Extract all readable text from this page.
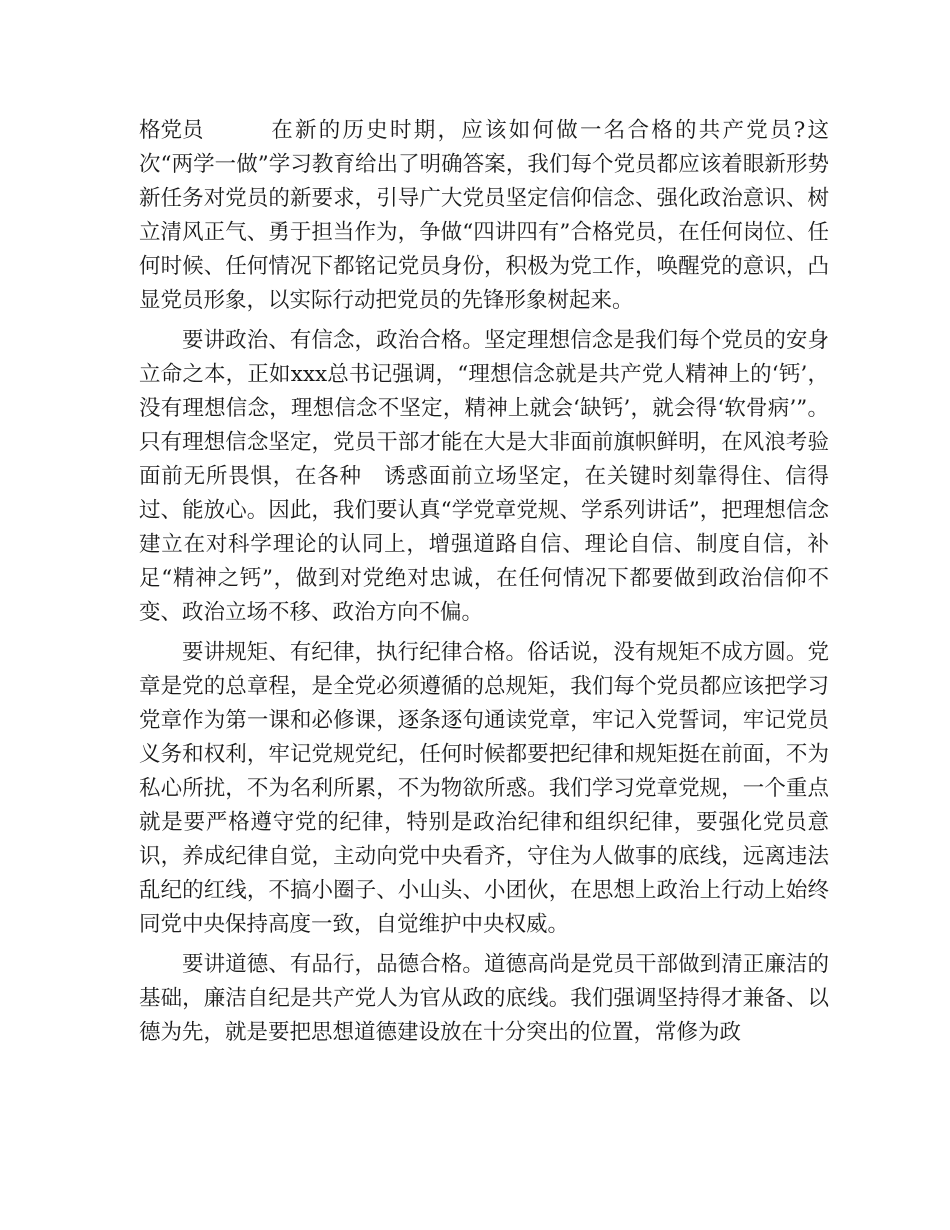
格党员	在新的历史时期，应该如何做一名合格的共产党员?这次“两学一做”学习教育给出了明确答案，我们每个党员都应该着眼新形势新任务对党员的新要求，引导广大党员坚定信仰信念、强化政治意识、树立清风正气、勇于担当作为，争做“四讲四有”合格党员，在任何岗位、任何时候、任何情况下都铭记党员身份，积极为党工作，唤醒党的意识，凸显党员形象，以实际行动把党员的先锋形象树起来。

要讲政治、有信念，政治合格。坚定理想信念是我们每个党员的安身立命之本，正如xxx总书记强调，“理想信念就是共产党人精神上的‘钙’，没有理想信念，理想信念不坚定，精神上就会‘缺钙’，就会得‘软骨病’”。只有理想信念坚定，党员干部才能在大是大非面前旗帜鲜明，在风浪考验面前无所畏惧，在各种　诱惑面前立场坚定，在关键时刻靠得住、信得过、能放心。因此，我们要认真“学党章党规、学系列讲话”，把理想信念建立在对科学理论的认同上，增强道路自信、理论自信、制度自信，补足“精神之钙”，做到对党绝对忠诚，在任何情况下都要做到政治信仰不变、政治立场不移、政治方向不偏。

要讲规矩、有纪律，执行纪律合格。俗话说，没有规矩不成方圆。党章是党的总章程，是全党必须遵循的总规矩，我们每个党员都应该把学习党章作为第一课和必修课，逐条逐句通读党章，牢记入党誓词，牢记党员义务和权利，牢记党规党纪，任何时候都要把纪律和规矩挺在前面，不为私心所扰，不为名利所累，不为物欲所惑。我们学习党章党规，一个重点就是要严格遵守党的纪律，特别是政治纪律和组织纪律，要强化党员意识，养成纪律自觉，主动向党中央看齐，守住为人做事的底线，远离违法乱纪的红线，不搞小圈子、小山头、小团伙，在思想上政治上行动上始终同党中央保持高度一致，自觉维护中央权威。

要讲道德、有品行，品德合格。道德高尚是党员干部做到清正廉洁的基础，廉洁自纪是共产党人为官从政的底线。我们强调坚持得才兼备、以德为先，就是要把思想道德建设放在十分突出的位置，常修为政
